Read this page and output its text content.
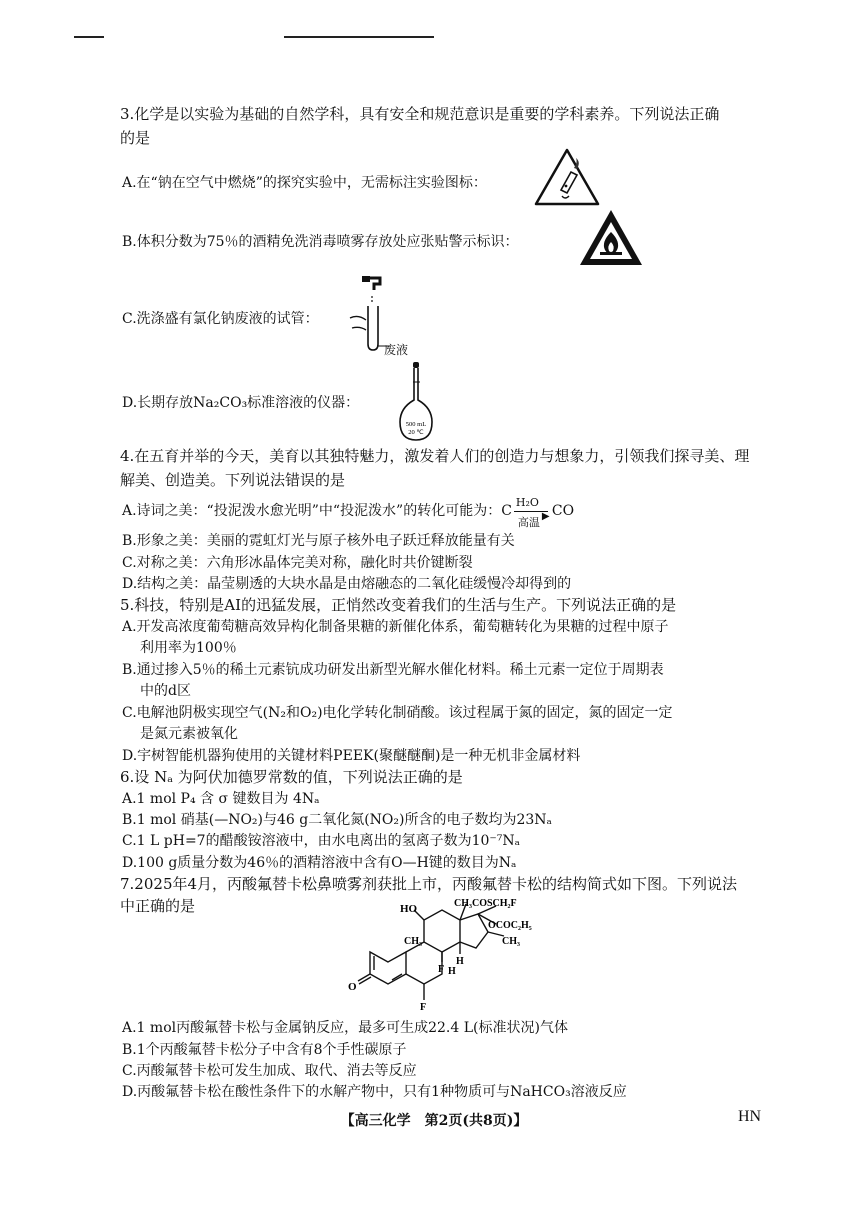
3.化学是以实验为基础的自然学科，具有安全和规范意识是重要的学科素养。下列说法正确
的是
A.在“钠在空气中燃烧”的探究实验中，无需标注实验图标：
B.体积分数为75％的酒精免洗消毒喷雾存放处应张贴警示标识：
C.洗涤盛有氯化钠废液的试管：
废液
D.长期存放Na₂CO₃标准溶液的仪器：
500 mL
20 ℃
4.在五育并举的今天，美育以其独特魅力，激发着人们的创造力与想象力，引领我们探寻美、理
解美、创造美。下列说法错误的是
A.诗词之美：“投泥泼水愈光明”中“投泥泼水”的转化可能为：C
H₂O
▶
高温
CO
B.形象之美：美丽的霓虹灯光与原子核外电子跃迁释放能量有关
C.对称之美：六角形冰晶体完美对称，融化时共价键断裂
D.结构之美：晶莹剔透的大块水晶是由熔融态的二氧化硅缓慢冷却得到的
5.科技，特别是AI的迅猛发展，正悄然改变着我们的生活与生产。下列说法正确的是
A.开发高浓度葡萄糖高效异构化制备果糖的新催化体系，葡萄糖转化为果糖的过程中原子
利用率为100％
B.通过掺入5％的稀土元素钪成功研发出新型光解水催化材料。稀土元素一定位于周期表
中的d区
C.电解池阴极实现空气(N₂和O₂)电化学转化制硝酸。该过程属于氮的固定，氮的固定一定
是氮元素被氧化
D.宇树智能机器狗使用的关键材料PEEK(聚醚醚酮)是一种无机非金属材料
6.设 Nₐ 为阿伏加德罗常数的值，下列说法正确的是
A.1 mol P₄ 含 σ 键数目为 4Nₐ
B.1 mol 硝基(—NO₂)与46 g二氧化氮(NO₂)所含的电子数均为23Nₐ
C.1 L pH=7的醋酸铵溶液中，由水电离出的氢离子数为10⁻⁷Nₐ
D.100 g质量分数为46％的酒精溶液中含有O—H键的数目为Nₐ
7.2025年4月，丙酸氟替卡松鼻喷雾剂获批上市，丙酸氟替卡松的结构简式如下图。下列说法
中正确的是	HO
CH₃
CH₃ COSCH₂F
OCOC₂H₅
CH₃
F
F
H
H
O
A.1 mol丙酸氟替卡松与金属钠反应，最多可生成22.4 L(标准状况)气体
B.1个丙酸氟替卡松分子中含有8个手性碳原子
C.丙酸氟替卡松可发生加成、取代、消去等反应
D.丙酸氟替卡松在酸性条件下的水解产物中，只有1种物质可与NaHCO₃溶液反应
【高三化学　第2页(共8页)】	HN
